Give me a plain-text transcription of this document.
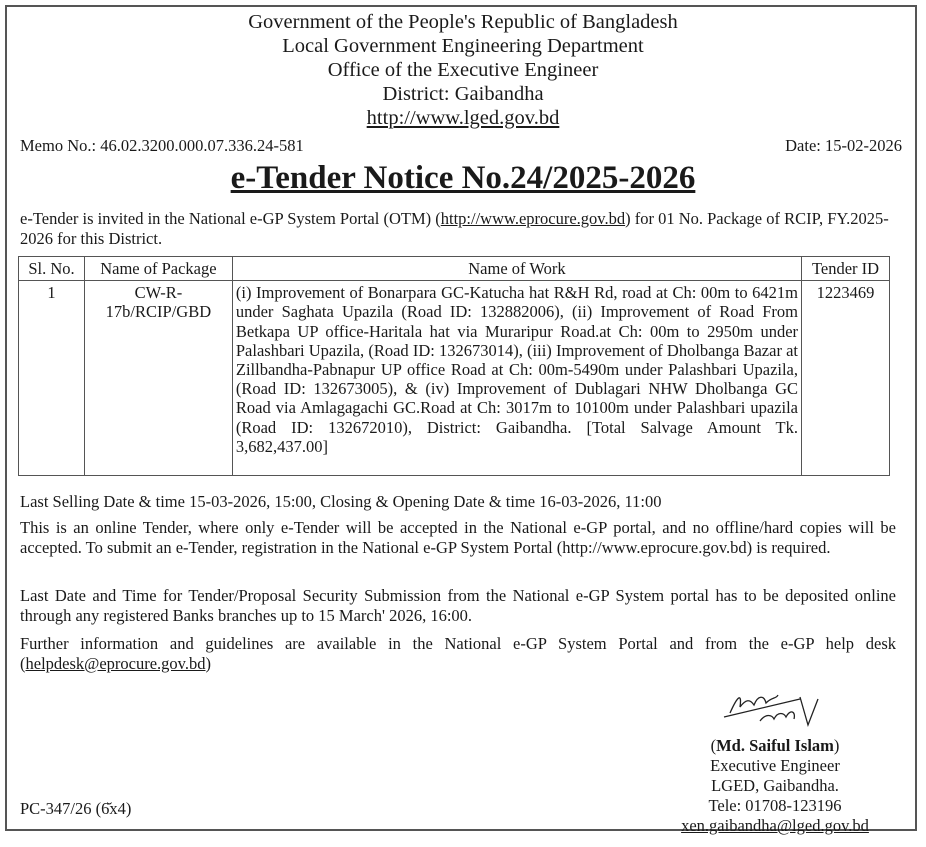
Government of the People's Republic of Bangladesh
Local Government Engineering Department
Office of the Executive Engineer
District: Gaibandha
http://www.lged.gov.bd
Memo No.: 46.02.3200.000.07.336.24-581	Date: 15-02-2026
e-Tender Notice No.24/2025-2026
e-Tender is invited in the National e-GP System Portal (OTM) (http://www.eprocure.gov.bd) for 01 No. Package of RCIP, FY.2025-2026 for this District.
Sl. No.	Name of Package	Name of Work	Tender ID
1	CW-R-17b/RCIP/GBD	(i) Improvement of Bonarpara GC-Katucha hat R&H Rd, road at Ch: 00m to 6421m under Saghata Upazila (Road ID: 132882006), (ii) Improvement of Road From Betkapa UP office-Haritala hat via Muraripur Road.at Ch: 00m to 2950m under Palashbari Upazila, (Road ID: 132673014), (iii) Improvement of Dholbanga Bazar at Zillbandha-Pabnapur UP office Road at Ch: 00m-5490m under Palashbari Upazila, (Road ID: 132673005), & (iv) Improvement of Dublagari NHW Dholbanga GC Road via Amlagagachi GC.Road at Ch: 3017m to 10100m under Palashbari upazila (Road ID: 132672010), District: Gaibandha. [Total Salvage Amount Tk. 3,682,437.00]	1223469
Last Selling Date & time 15-03-2026, 15:00, Closing & Opening Date & time 16-03-2026, 11:00
This is an online Tender, where only e-Tender will be accepted in the National e-GP portal, and no offline/hard copies will be accepted. To submit an e-Tender, registration in the National e-GP System Portal (http://www.eprocure.gov.bd) is required.
Last Date and Time for Tender/Proposal Security Submission from the National e-GP System portal has to be deposited online through any registered Banks branches up to 15 March' 2026, 16:00.
Further information and guidelines are available in the National e-GP System Portal and from the e-GP help desk (helpdesk@eprocure.gov.bd)
(Md. Saiful Islam)
Executive Engineer
LGED, Gaibandha.
Tele: 01708-123196
xen.gaibandha@lged.gov.bd
PC-347/26 (6̆x4)
